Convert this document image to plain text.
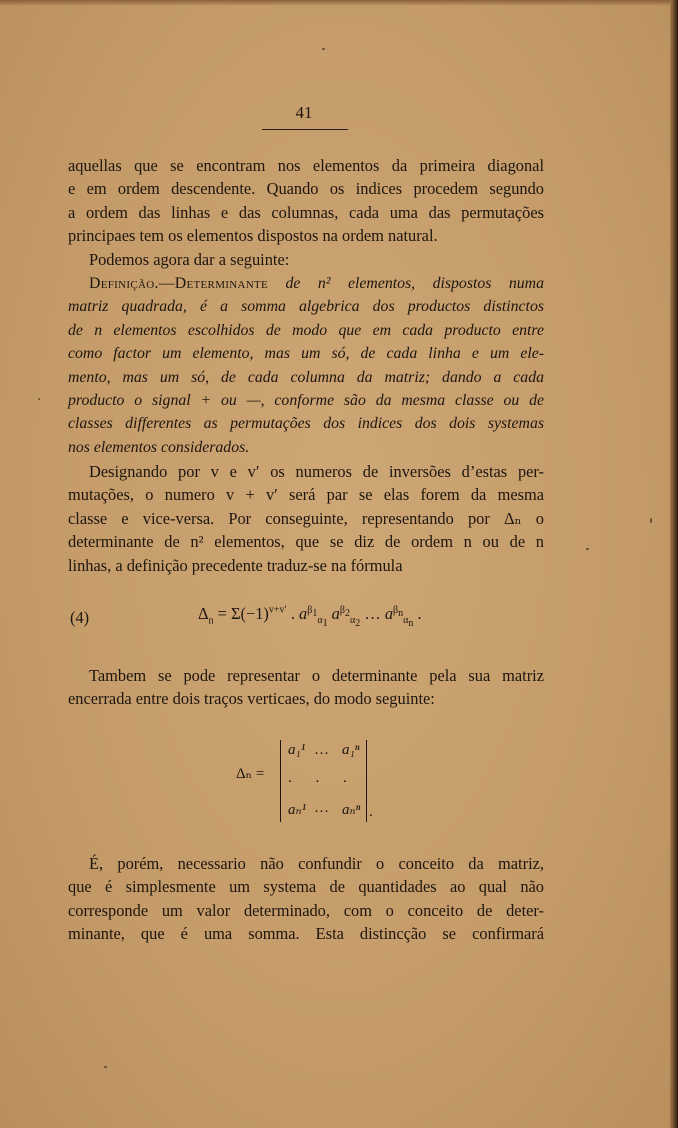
41
aquellas que se encontram nos elementos da primeira diagonal
e em ordem descendente. Quando os indices procedem segundo
a ordem das linhas e das columnas, cada uma das permutações
principaes tem os elementos dispostos na ordem natural.
Podemos agora dar a seguinte:
Definição.—Determinante de n² elementos, dispostos numa
matriz quadrada, é a somma algebrica dos productos distinctos
de n elementos escolhidos de modo que em cada producto entre
como factor um elemento, mas um só, de cada linha e um ele-
mento, mas um só, de cada columna da matriz; dando a cada
producto o signal + ou —, conforme são da mesma classe ou de
classes differentes as permutações dos indices dos dois systemas
nos elementos considerados.
Designando por v e v′ os numeros de inversões d’estas per-
mutações, o numero v + v′ será par se elas forem da mesma
classe e vice-versa. Por conseguinte, representando por Δₙ o
determinante de n² elementos, que se diz de ordem n ou de n
linhas, a definição precedente traduz-se na fórmula
(4)	$\Delta_n = \Sigma(-1)^{v+v'}$ . $a^{\beta_1}_{\alpha_1}$ $a^{\beta_2}_{\alpha_2}$ … $a^{\beta_n}_{\alpha_n}$ .
Tambem se pode representar o determinante pela sua matriz
encerrada entre dois traços verticaes, do modo seguinte:
Δₙ =
a₁¹ … a₁ⁿ
. . .
aₙ¹ … aₙⁿ .
É, porém, necessario não confundir o conceito da matriz,
que é simplesmente um systema de quantidades ao qual não
corresponde um valor determinado, com o conceito de deter-
minante, que é uma somma. Esta distincção se confirmará
